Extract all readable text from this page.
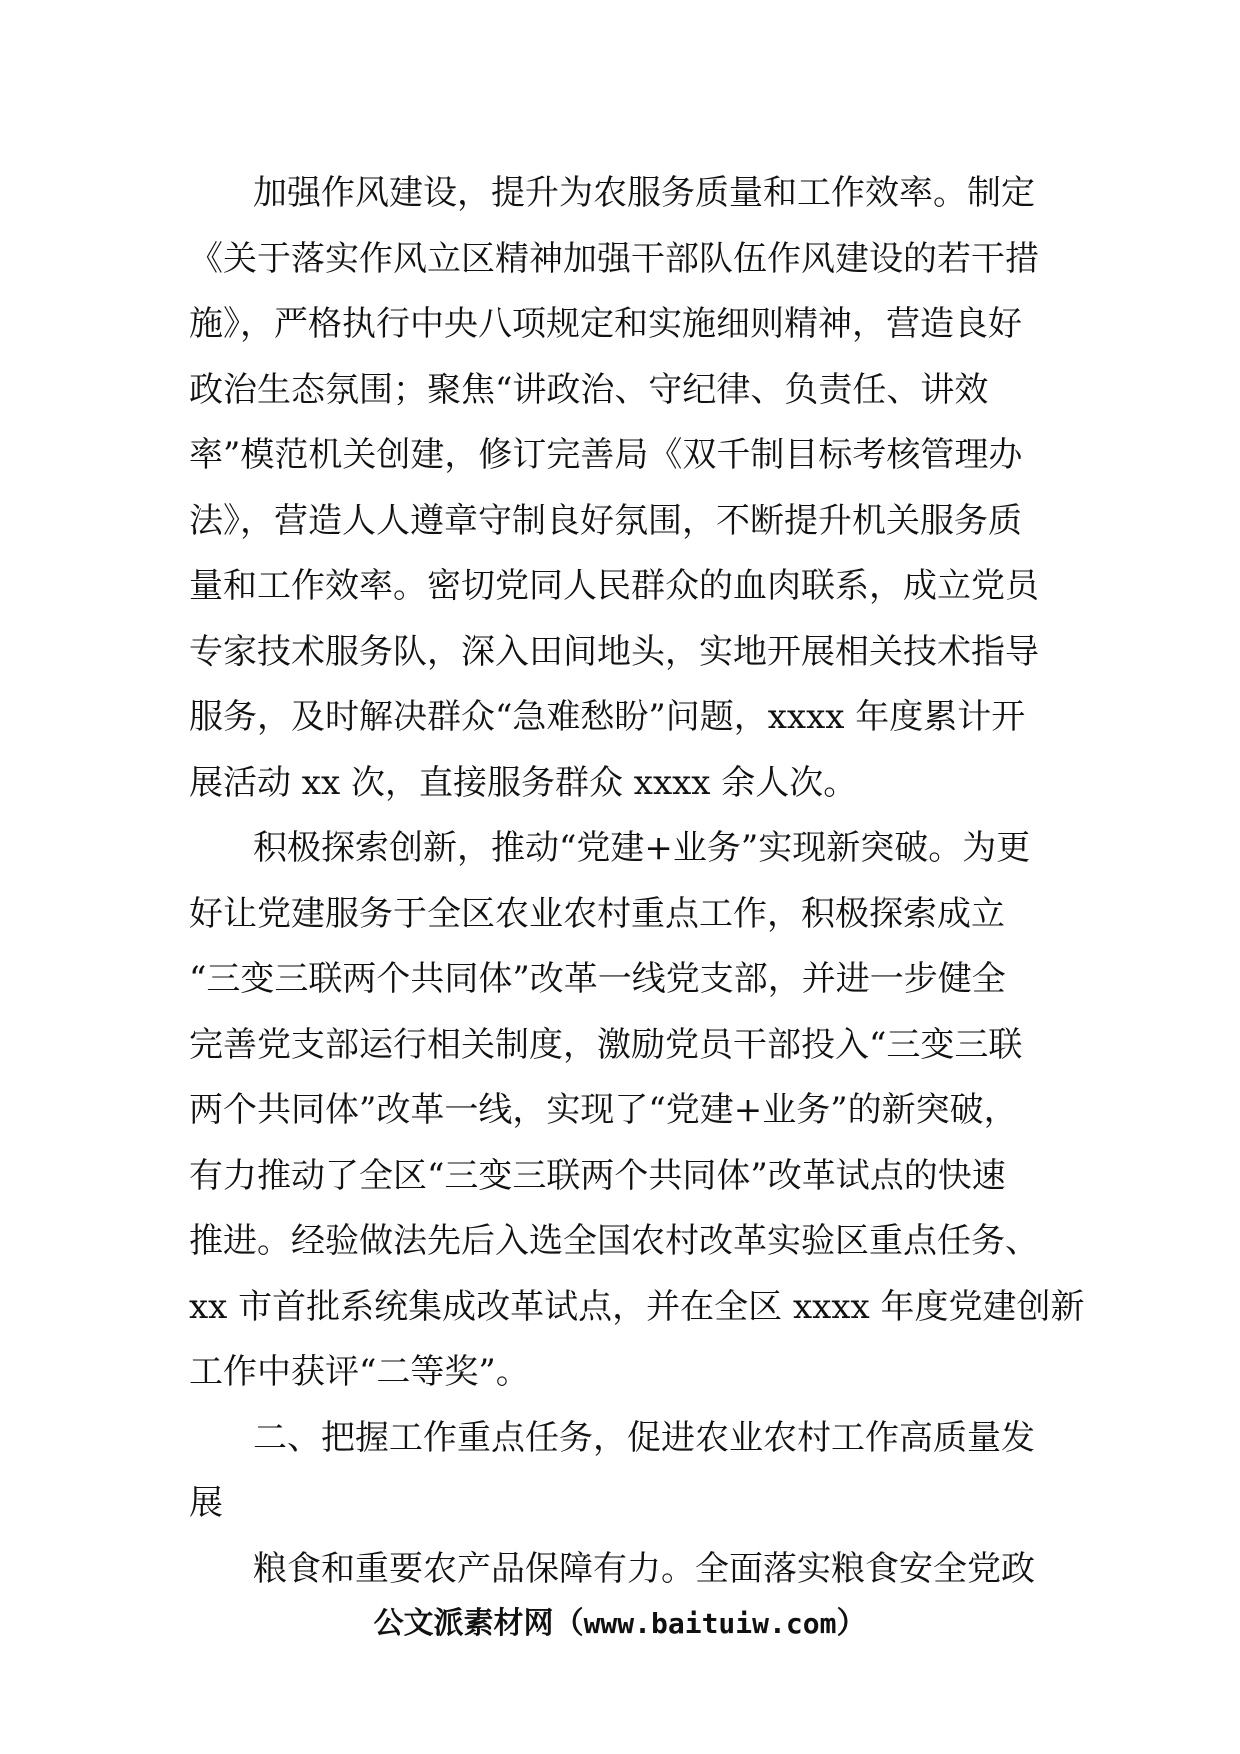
加强作风建设，提升为农服务质量和工作效率。制定
《关于落实作风立区精神加强干部队伍作风建设的若干措
施》，严格执行中央八项规定和实施细则精神，营造良好
政治生态氛围；聚焦“讲政治、守纪律、负责任、讲效
率”模范机关创建，修订完善局《双千制目标考核管理办
法》，营造人人遵章守制良好氛围，不断提升机关服务质
量和工作效率。密切党同人民群众的血肉联系，成立党员
专家技术服务队，深入田间地头，实地开展相关技术指导
服务，及时解决群众“急难愁盼”问题，xxxx 年度累计开
展活动 xx 次，直接服务群众 xxxx 余人次。
积极探索创新，推动“党建+业务”实现新突破。为更
好让党建服务于全区农业农村重点工作，积极探索成立
“三变三联两个共同体”改革一线党支部，并进一步健全
完善党支部运行相关制度，激励党员干部投入“三变三联
两个共同体”改革一线，实现了“党建+业务”的新突破，
有力推动了全区“三变三联两个共同体”改革试点的快速
推进。经验做法先后入选全国农村改革实验区重点任务、
xx 市首批系统集成改革试点，并在全区 xxxx 年度党建创新
工作中获评“二等奖”。
二、把握工作重点任务，促进农业农村工作高质量发
展
粮食和重要农产品保障有力。全面落实粮食安全党政
公文派素材网（www.baituiw.com）
